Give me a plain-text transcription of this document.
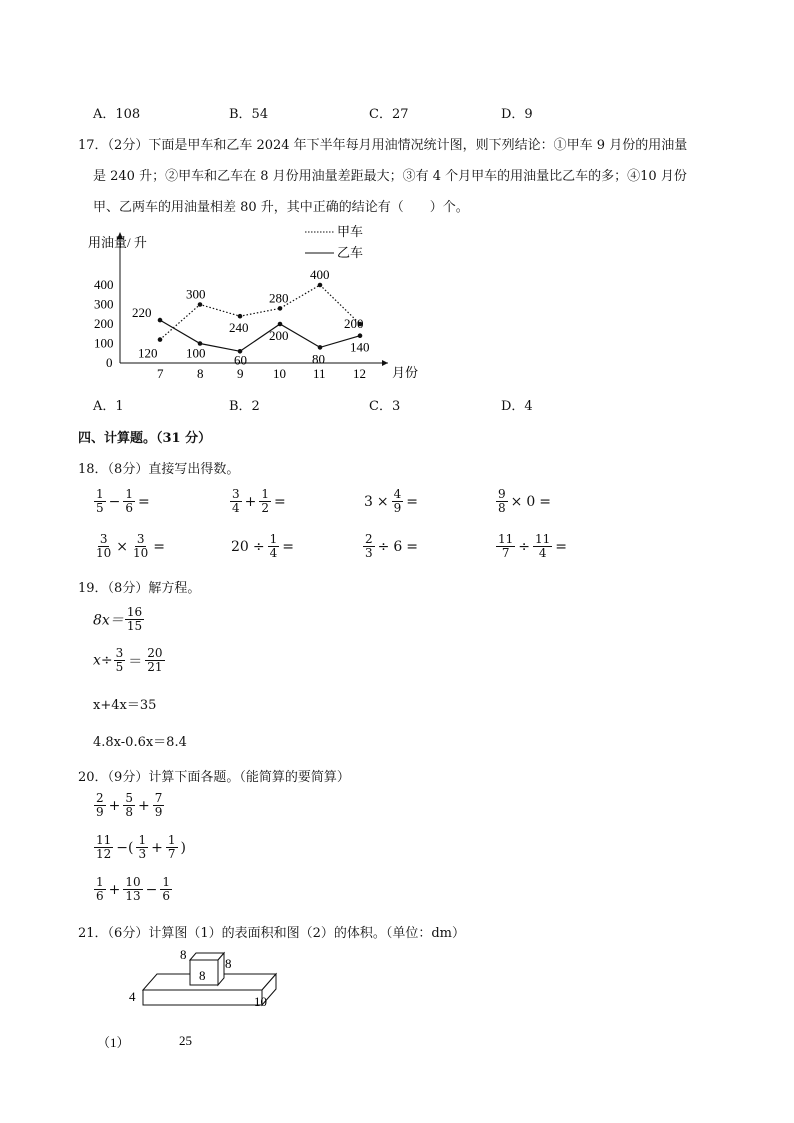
A．108	B．54	C．27	D．9
17．（2分）下面是甲车和乙车 2024 年下半年每月用油情况统计图，则下列结论：①甲车 9 月份的用油量
是 240 升；②甲车和乙车在 8 月份用油量差距最大；③有 4 个月甲车的用油量比乙车的多；④10 月份
甲、乙两车的用油量相差 80 升，其中正确的结论有（　　）个。
用油量/ 升
月份
0
100
200
300
400
7	8	9 10 11 12
甲车
乙车
120
300
240
280
400
200
220
100 60
200
80
140
A．1	B．2	C．3	D．4
四、计算题。（31 分）
18．（8分）直接写出得数。
$\frac{1}{5} - \frac{1}{6}$ =	$\frac{3}{4} + \frac{1}{2}$ =	$3 \times \frac{4}{9}$ =	$\frac{9}{8} \times 0$ =
$\frac{3}{10} \times \frac{3}{10}$ =	$20 \div \frac{1}{4}$ =	$\frac{2}{3} \div 6$ =	$\frac{11}{7} \div \frac{11}{4}$ =
19．（8分）解方程。
$8x= \frac{16}{15}$
$x\div \frac{3}{5} = \frac{20}{21}$
x+4x＝35
4.8x-0.6x＝8.4
20．（9分）计算下面各题。（能简算的要简算）
$\frac{2}{9} + \frac{5}{8} + \frac{7}{9}$
$\frac{11}{12}$ −( $\frac{1}{3} + \frac{1}{7}$ )
$\frac{1}{6} + \frac{10}{13} - \frac{1}{6}$
21．（6分）计算图（1）的表面积和图（2）的体积。（单位：dm）
8
8
8
4	10
25
（1）
